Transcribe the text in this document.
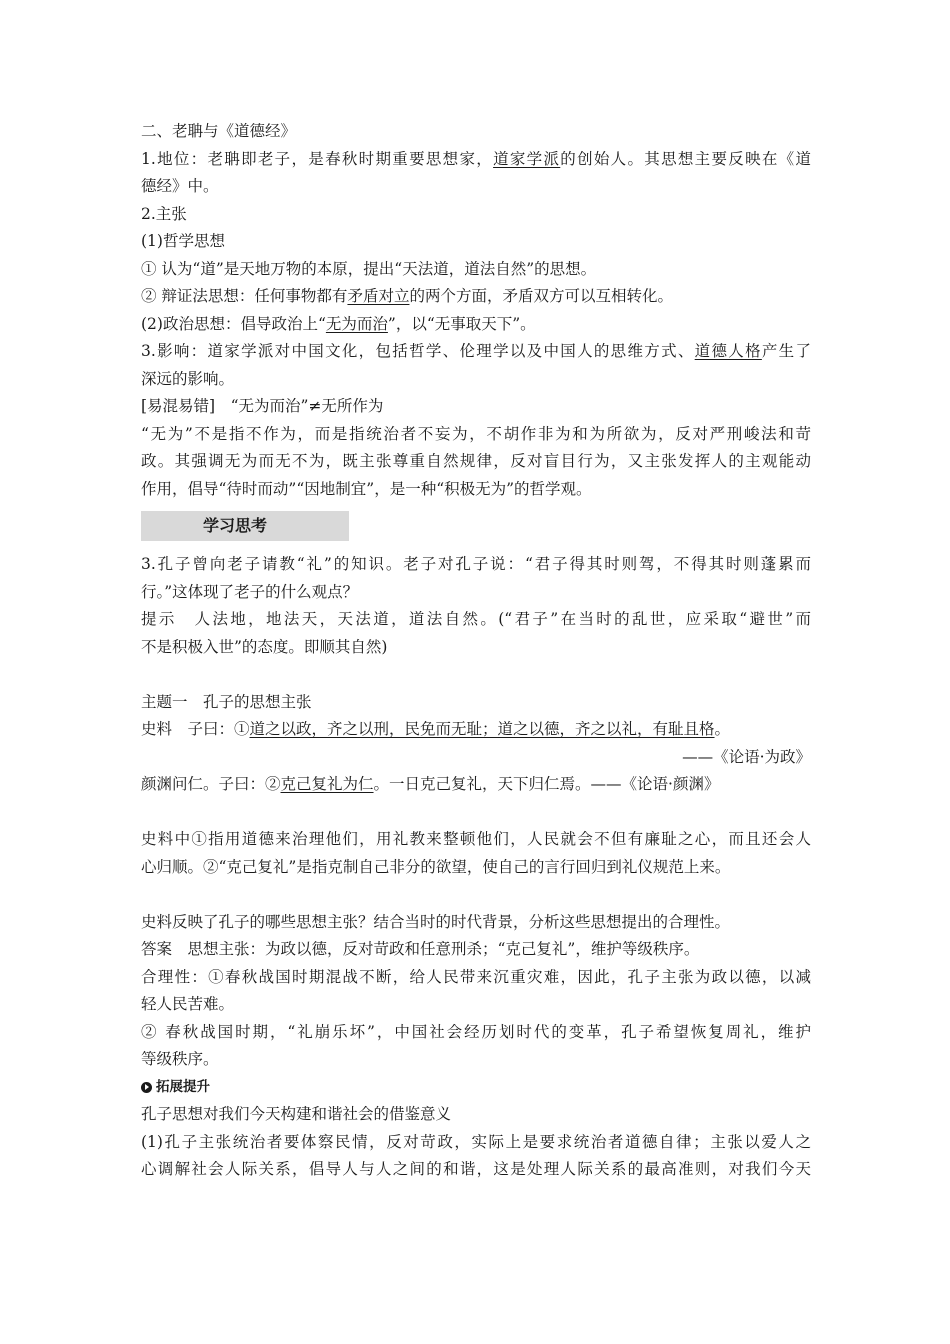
二、老聃与《道德经》

1.地位：老聃即老子，是春秋时期重要思想家，道家学派的创始人。其思想主要反映在《道

德经》中。

2.主张

(1)哲学思想

① 认为“道”是天地万物的本原，提出“天法道，道法自然”的思想。

② 辩证法思想：任何事物都有矛盾对立的两个方面，矛盾双方可以互相转化。

(2)政治思想：倡导政治上“无为而治”，以“无事取天下”。

3.影响：道家学派对中国文化，包括哲学、伦理学以及中国人的思维方式、道德人格产生了

深远的影响。

[易混易错]　“无为而治”≠无所作为

“无为”不是指不作为，而是指统治者不妄为，不胡作非为和为所欲为，反对严刑峻法和苛

政。其强调无为而无不为，既主张尊重自然规律，反对盲目行为，又主张发挥人的主观能动

作用，倡导“待时而动”“因地制宜”，是一种“积极无为”的哲学观。

学习思考

3.孔子曾向老子请教“礼”的知识。老子对孔子说：“君子得其时则驾，不得其时则蓬累而

行。”这体现了老子的什么观点？

提示　人法地，地法天，天法道，道法自然。(“君子”在当时的乱世，应采取“避世”而

不是积极入世”的态度。即顺其自然)

主题一　孔子的思想主张

史料　子曰：①道之以政，齐之以刑，民免而无耻；道之以德，齐之以礼，有耻且格。

——《论语·为政》

颜渊问仁。子曰：②克己复礼为仁。一日克己复礼，天下归仁焉。——《论语·颜渊》

史料中①指用道德来治理他们，用礼教来整顿他们，人民就会不但有廉耻之心，而且还会人

心归顺。②“克己复礼”是指克制自己非分的欲望，使自己的言行回归到礼仪规范上来。

史料反映了孔子的哪些思想主张？结合当时的时代背景，分析这些思想提出的合理性。

答案　思想主张：为政以德，反对苛政和任意刑杀；“克己复礼”，维护等级秩序。

合理性：①春秋战国时期混战不断，给人民带来沉重灾难，因此，孔子主张为政以德，以减

轻人民苦难。

② 春秋战国时期，“礼崩乐坏”，中国社会经历划时代的变革，孔子希望恢复周礼，维护

等级秩序。

拓展提升

孔子思想对我们今天构建和谐社会的借鉴意义

(1)孔子主张统治者要体察民情，反对苛政，实际上是要求统治者道德自律；主张以爱人之

心调解社会人际关系，倡导人与人之间的和谐，这是处理人际关系的最高准则，对我们今天
